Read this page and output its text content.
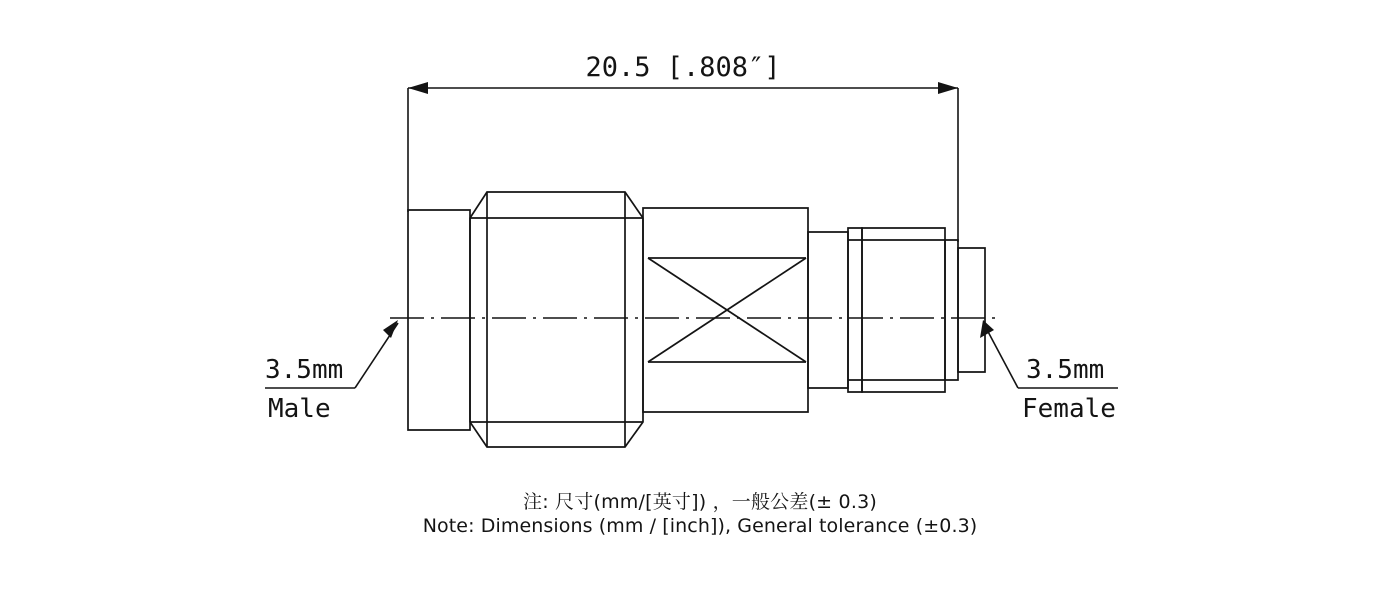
20.5 [.808″]
3.5mm
Male
3.5mm
Female
注: 尺寸(mm/[英寸]) ，一般公差(± 0.3)
Note: Dimensions (mm / [inch]), General tolerance (±0.3)
